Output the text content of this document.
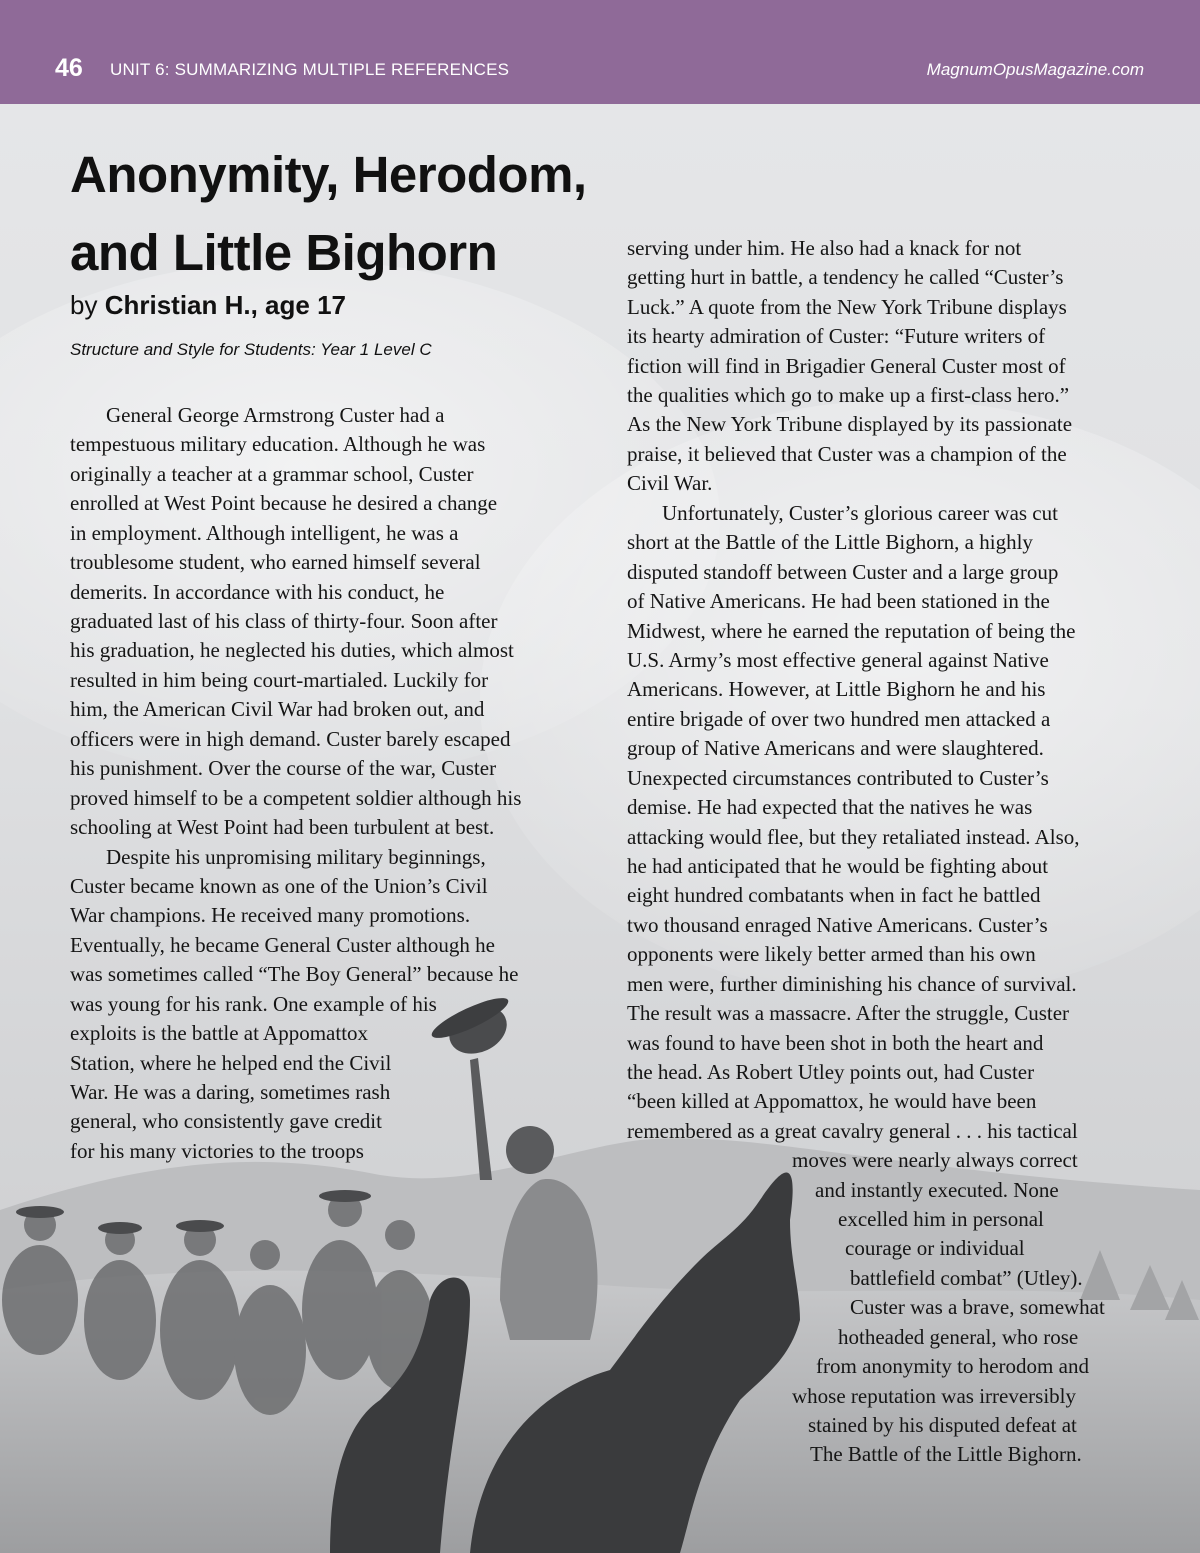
46 UNIT 6: SUMMARIZING MULTIPLE REFERENCES	MagnumOpusMagazine.com
Anonymity, Herodom,
and Little Bighorn
by Christian H., age 17
Structure and Style for Students: Year 1 Level C
General George Armstrong Custer had a
tempestuous military education. Although he was
originally a teacher at a grammar school, Custer
enrolled at West Point because he desired a change
in employment. Although intelligent, he was a
troublesome student, who earned himself several
demerits. In accordance with his conduct, he
graduated last of his class of thirty-four. Soon after
his graduation, he neglected his duties, which almost
resulted in him being court-martialed. Luckily for
him, the American Civil War had broken out, and
officers were in high demand. Custer barely escaped
his punishment. Over the course of the war, Custer
proved himself to be a competent soldier although his
schooling at West Point had been turbulent at best.
Despite his unpromising military beginnings,
Custer became known as one of the Union’s Civil
War champions. He received many promotions.
Eventually, he became General Custer although he
was sometimes called “The Boy General” because he
was young for his rank. One example of his
exploits is the battle at Appomattox
Station, where he helped end the Civil
War. He was a daring, sometimes rash
general, who consistently gave credit
for his many victories to the troops
serving under him. He also had a knack for not
getting hurt in battle, a tendency he called “Custer’s
Luck.” A quote from the New York Tribune displays
its hearty admiration of Custer: “Future writers of
fiction will find in Brigadier General Custer most of
the qualities which go to make up a first-class hero.”
As the New York Tribune displayed by its passionate
praise, it believed that Custer was a champion of the
Civil War.
Unfortunately, Custer’s glorious career was cut
short at the Battle of the Little Bighorn, a highly
disputed standoff between Custer and a large group
of Native Americans. He had been stationed in the
Midwest, where he earned the reputation of being the
U.S. Army’s most effective general against Native
Americans. However, at Little Bighorn he and his
entire brigade of over two hundred men attacked a
group of Native Americans and were slaughtered.
Unexpected circumstances contributed to Custer’s
demise. He had expected that the natives he was
attacking would flee, but they retaliated instead. Also,
he had anticipated that he would be fighting about
eight hundred combatants when in fact he battled
two thousand enraged Native Americans. Custer’s
opponents were likely better armed than his own
men were, further diminishing his chance of survival.
The result was a massacre. After the struggle, Custer
was found to have been shot in both the heart and
the head. As Robert Utley points out, had Custer
“been killed at Appomattox, he would have been
remembered as a great cavalry general . . . his tactical
moves were nearly always correct
and instantly executed. None
excelled him in personal
courage or individual
battlefield combat” (Utley).
Custer was a brave, somewhat
hotheaded general, who rose
from anonymity to herodom and
whose reputation was irreversibly
stained by his disputed defeat at
The Battle of the Little Bighorn.
